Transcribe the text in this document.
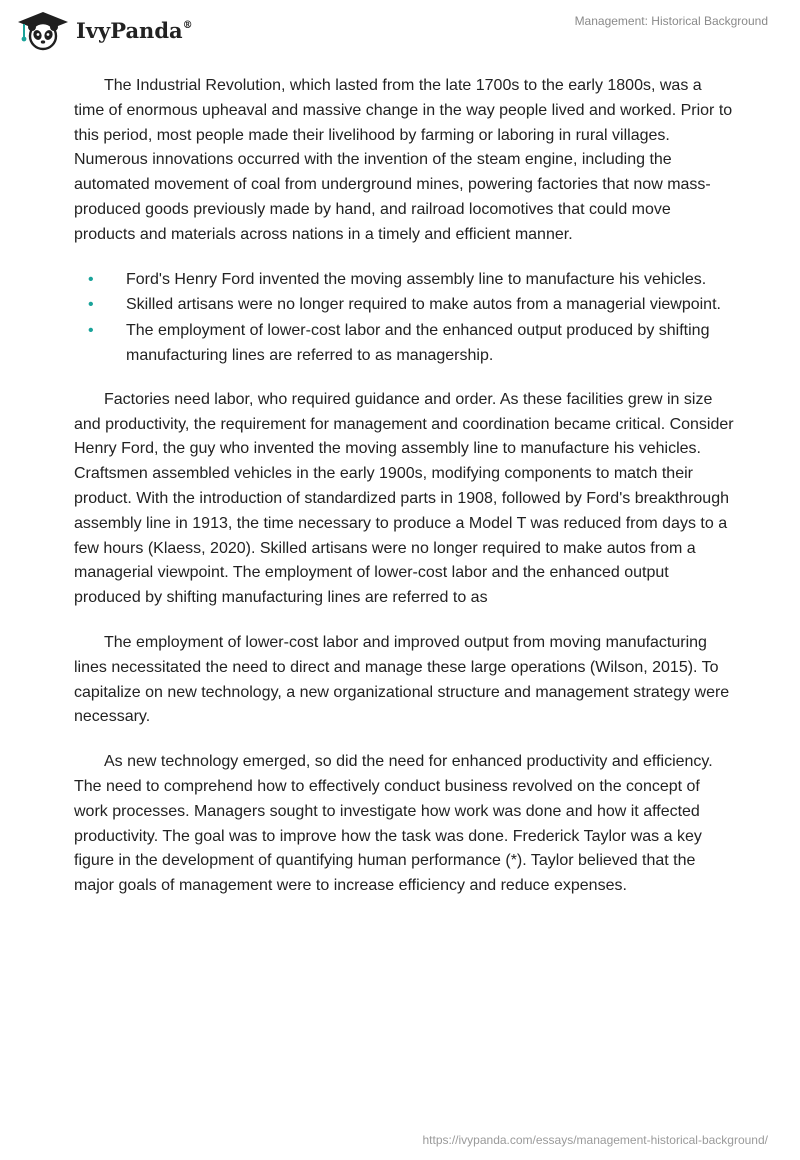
IvyPanda®	Management: Historical Background

The Industrial Revolution, which lasted from the late 1700s to the early 1800s, was a time of enormous upheaval and massive change in the way people lived and worked. Prior to this period, most people made their livelihood by farming or laboring in rural villages. Numerous innovations occurred with the invention of the steam engine, including the automated movement of coal from underground mines, powering factories that now mass-produced goods previously made by hand, and railroad locomotives that could move products and materials across nations in a timely and efficient manner.

• Ford's Henry Ford invented the moving assembly line to manufacture his vehicles.
• Skilled artisans were no longer required to make autos from a managerial viewpoint.
• The employment of lower-cost labor and the enhanced output produced by shifting manufacturing lines are referred to as managership.

Factories need labor, who required guidance and order. As these facilities grew in size and productivity, the requirement for management and coordination became critical. Consider Henry Ford, the guy who invented the moving assembly line to manufacture his vehicles. Craftsmen assembled vehicles in the early 1900s, modifying components to match their product. With the introduction of standardized parts in 1908, followed by Ford's breakthrough assembly line in 1913, the time necessary to produce a Model T was reduced from days to a few hours (Klaess, 2020). Skilled artisans were no longer required to make autos from a managerial viewpoint. The employment of lower-cost labor and the enhanced output produced by shifting manufacturing lines are referred to as

The employment of lower-cost labor and improved output from moving manufacturing lines necessitated the need to direct and manage these large operations (Wilson, 2015). To capitalize on new technology, a new organizational structure and management strategy were necessary.

As new technology emerged, so did the need for enhanced productivity and efficiency. The need to comprehend how to effectively conduct business revolved on the concept of work processes. Managers sought to investigate how work was done and how it affected productivity. The goal was to improve how the task was done. Frederick Taylor was a key figure in the development of quantifying human performance (*). Taylor believed that the major goals of management were to increase efficiency and reduce expenses.

https://ivypanda.com/essays/management-historical-background/
